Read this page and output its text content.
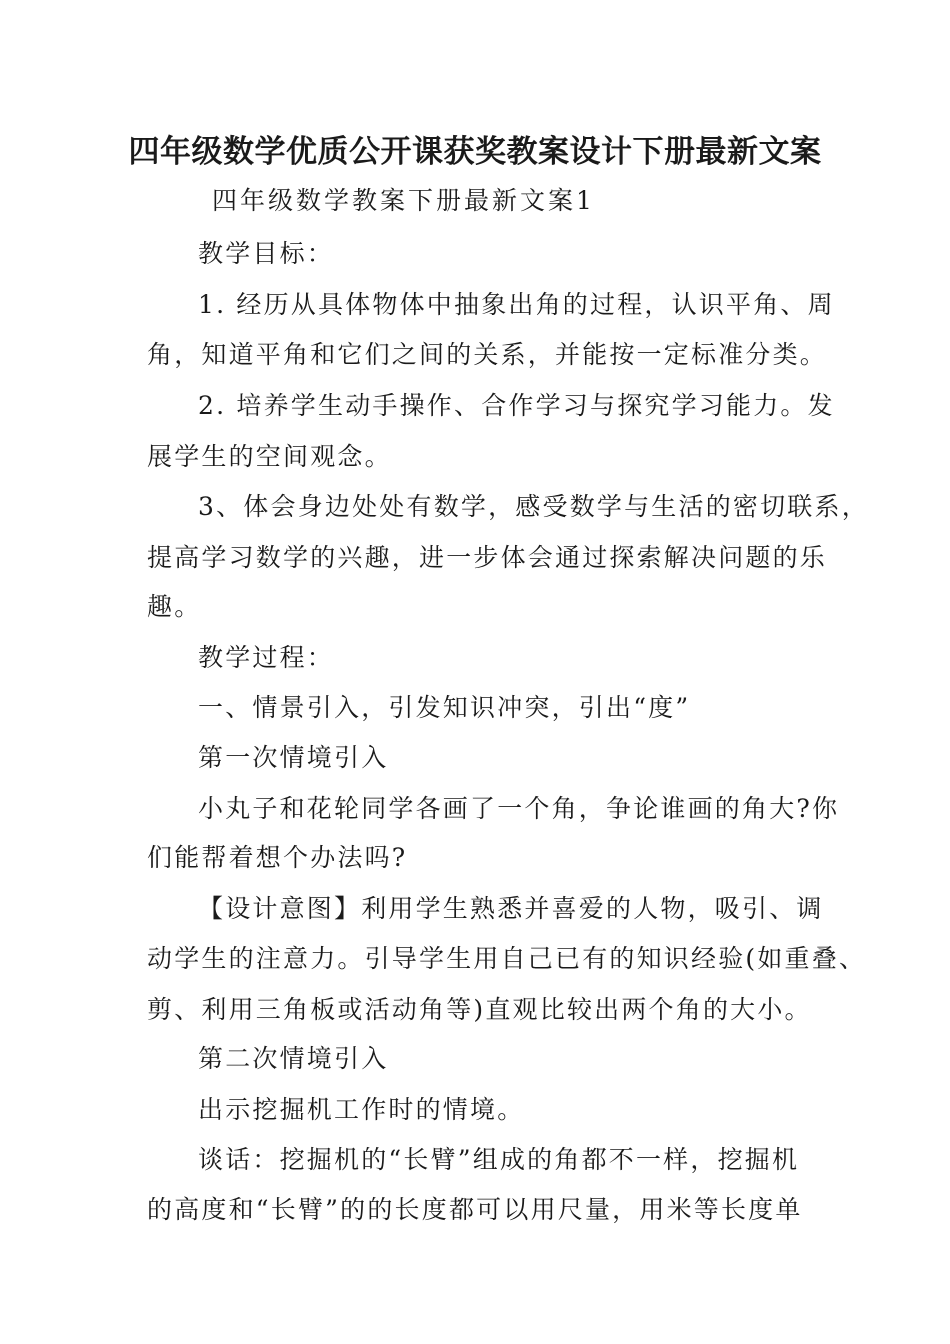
四年级数学优质公开课获奖教案设计下册最新文案

四年级数学教案下册最新文案1

教学目标：

1. 经历从具体物体中抽象出角的过程，认识平角、周

角，知道平角和它们之间的关系，并能按一定标准分类。

2. 培养学生动手操作、合作学习与探究学习能力。发

展学生的空间观念。

3、体会身边处处有数学，感受数学与生活的密切联系，

提高学习数学的兴趣，进一步体会通过探索解决问题的乐

趣。

教学过程：

一、情景引入，引发知识冲突，引出“度”

第一次情境引入

小丸子和花轮同学各画了一个角，争论谁画的角大?你

们能帮着想个办法吗?

【设计意图】利用学生熟悉并喜爱的人物，吸引、调

动学生的注意力。引导学生用自己已有的知识经验(如重叠、

剪、利用三角板或活动角等)直观比较出两个角的大小。

第二次情境引入

出示挖掘机工作时的情境。

谈话：挖掘机的“长臂”组成的角都不一样，挖掘机

的高度和“长臂”的的长度都可以用尺量，用米等长度单
